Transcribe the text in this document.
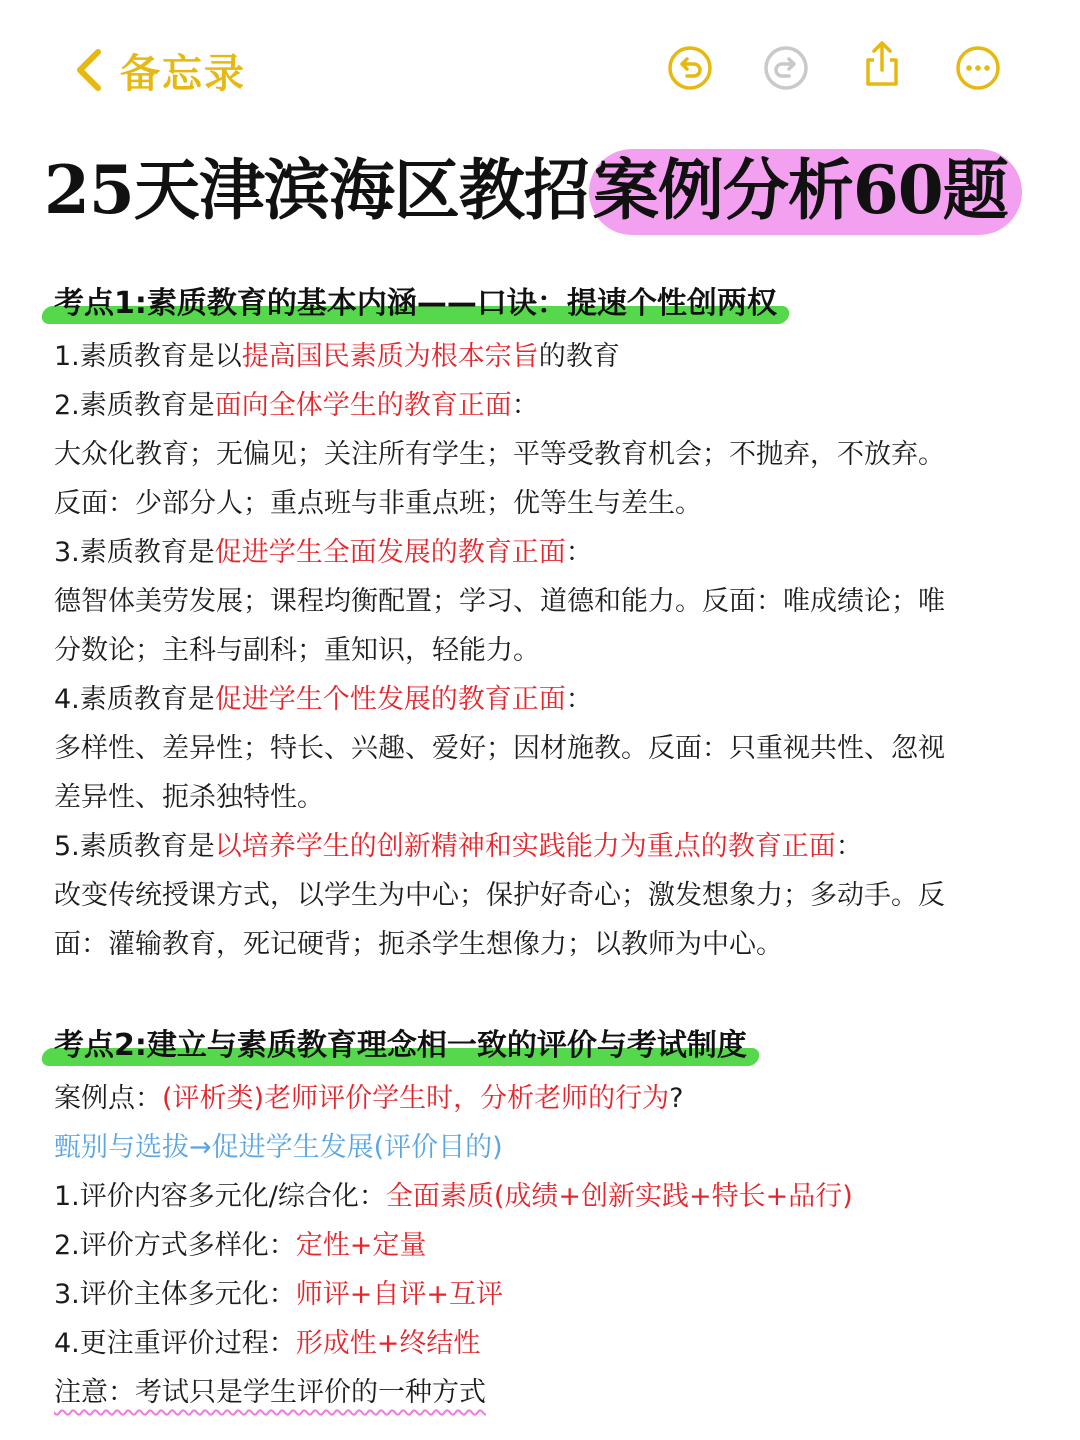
备忘录
25天津滨海区教招案例分析60题
考点1:素质教育的基本内涵——口诀：提速个性创两权
1.素质教育是以提高国民素质为根本宗旨的教育
2.素质教育是面向全体学生的教育正面：
大众化教育；无偏见；关注所有学生；平等受教育机会；不抛弃，不放弃。
反面：少部分人；重点班与非重点班；优等生与差生。
3.素质教育是促进学生全面发展的教育正面：
德智体美劳发展；课程均衡配置；学习、道德和能力。反面：唯成绩论；唯
分数论；主科与副科；重知识，轻能力。
4.素质教育是促进学生个性发展的教育正面：
多样性、差异性；特长、兴趣、爱好；因材施教。反面：只重视共性、忽视
差异性、扼杀独特性。
5.素质教育是以培养学生的创新精神和实践能力为重点的教育正面：
改变传统授课方式，以学生为中心；保护好奇心；激发想象力；多动手。反
面：灌输教育，死记硬背；扼杀学生想像力；以教师为中心。
考点2:建立与素质教育理念相一致的评价与考试制度
案例点：(评析类)老师评价学生时，分析老师的行为?
甄别与选拔→促进学生发展(评价目的)
1.评价内容多元化/综合化：全面素质(成绩+创新实践+特长+品行)
2.评价方式多样化：定性+定量
3.评价主体多元化：师评+自评+互评
4.更注重评价过程：形成性+终结性
注意：考试只是学生评价的一种方式
